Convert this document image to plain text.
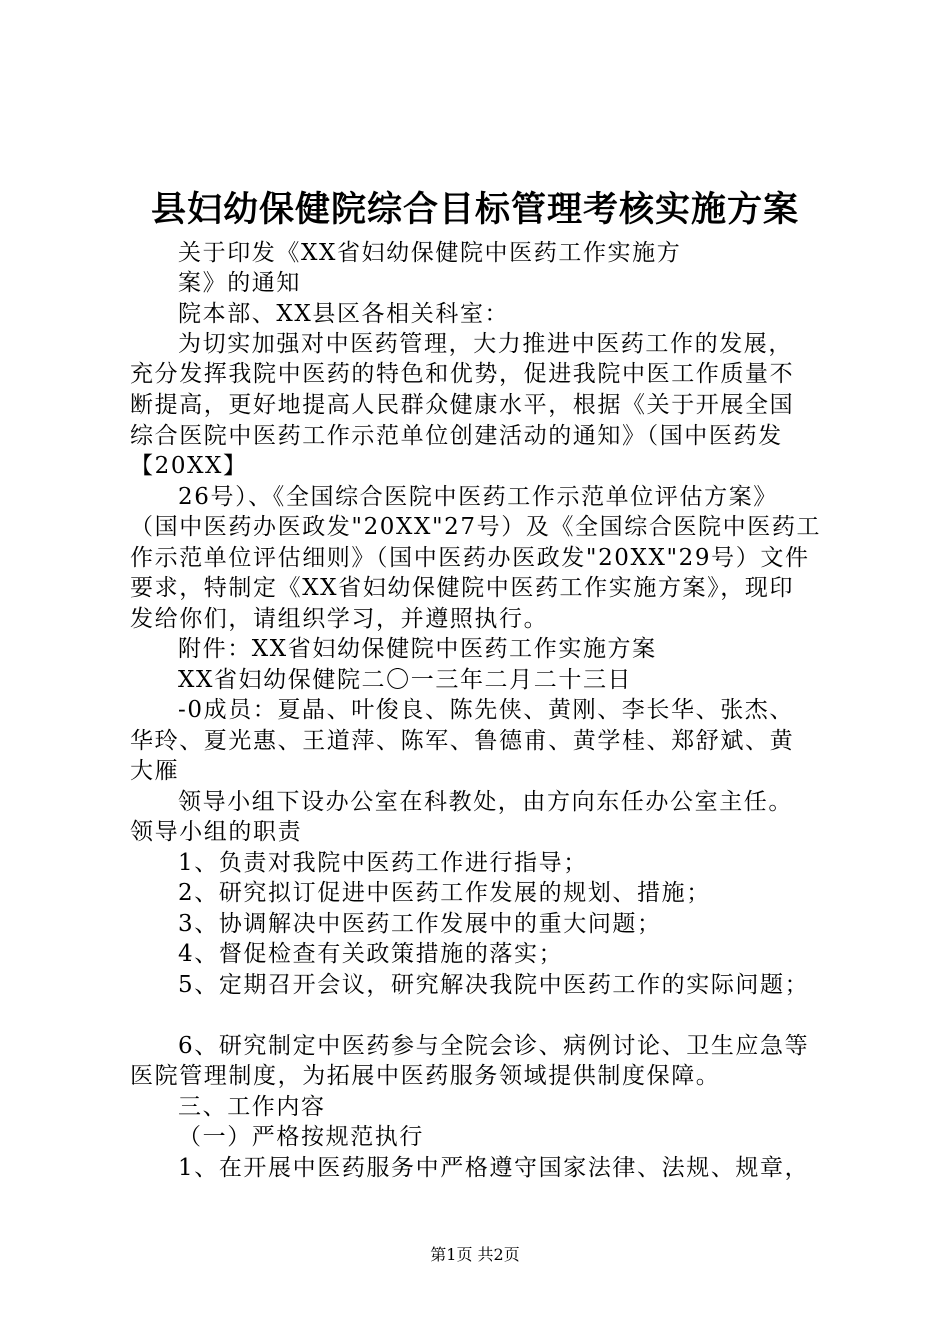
县妇幼保健院综合目标管理考核实施方案
关于印发《XX省妇幼保健院中医药工作实施方
案》的通知
院本部、XX县区各相关科室：
为切实加强对中医药管理，大力推进中医药工作的发展，
充分发挥我院中医药的特色和优势，促进我院中医工作质量不
断提高，更好地提高人民群众健康水平，根据《关于开展全国
综合医院中医药工作示范单位创建活动的通知》（国中医药发
【20XX】
26号）、《全国综合医院中医药工作示范单位评估方案》
（国中医药办医政发"20XX"27号）及《全国综合医院中医药工
作示范单位评估细则》（国中医药办医政发"20XX"29号）文件
要求，特制定《XX省妇幼保健院中医药工作实施方案》，现印
发给你们，请组织学习，并遵照执行。
附件：XX省妇幼保健院中医药工作实施方案
XX省妇幼保健院二〇一三年二月二十三日
-0成员：夏晶、叶俊良、陈先侠、黄刚、李长华、张杰、
华玲、夏光惠、王道萍、陈军、鲁德甫、黄学桂、郑舒斌、黄
大雁
领导小组下设办公室在科教处，由方向东任办公室主任。
领导小组的职责
1、负责对我院中医药工作进行指导；
2、研究拟订促进中医药工作发展的规划、措施；
3、协调解决中医药工作发展中的重大问题；
4、督促检查有关政策措施的落实；
5、定期召开会议，研究解决我院中医药工作的实际问题；
6、研究制定中医药参与全院会诊、病例讨论、卫生应急等
医院管理制度，为拓展中医药服务领域提供制度保障。
三、工作内容
（一）严格按规范执行
1、在开展中医药服务中严格遵守国家法律、法规、规章，
第1页 共2页
